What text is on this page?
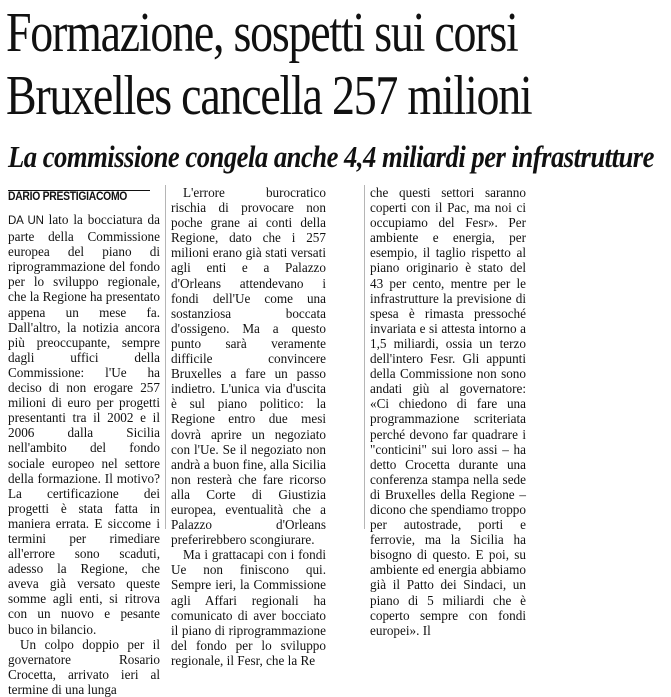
Formazione, sospetti sui corsi
Bruxelles cancella 257 milioni
La commissione congela anche 4,4 miliardi per infrastrutture
DARIO PRESTIGIACOMO

DA UN lato la bocciatura da parte della Commissione europea del piano di riprogrammazione del fondo per lo sviluppo regionale, che la Regione ha presentato appena un mese fa. Dall'altro, la notizia ancora più preoccupante, sempre dagli uffici della Commissione: l'Ue ha deciso di non erogare 257 milioni di euro per progetti presentanti tra il 2002 e il 2006 dalla Sicilia nell'ambito del fondo sociale europeo nel settore della formazione. Il motivo? La certificazione dei progetti è stata fatta in maniera errata. E siccome i termini per rimediare all'errore sono scaduti, adesso la Regione, che aveva già versato queste somme agli enti, si ritrova con un nuovo e pesante buco in bilancio.

Un colpo doppio per il governatore Rosario Crocetta, arrivato ieri al termine di una lunga

L'errore burocratico rischia di provocare non poche grane ai conti della Regione, dato che i 257 milioni erano già stati versati agli enti e a Palazzo d'Orleans attendevano i fondi dell'Ue come una sostanziosa boccata d'ossigeno. Ma a questo punto sarà veramente difficile convincere Bruxelles a fare un passo indietro. L'unica via d'uscita è sul piano politico: la Regione entro due mesi dovrà aprire un negoziato con l'Ue. Se il negoziato non andrà a buon fine, alla Sicilia non resterà che fare ricorso alla Corte di Giustizia europea, eventualità che a Palazzo d'Orleans preferirebbero scongiurare.

Ma i grattacapi con i fondi Ue non finiscono qui. Sempre ieri, la Commissione agli Affari regionali ha comunicato di aver bocciato il piano di riprogrammazione del fondo per lo sviluppo regionale, il Fesr, che la Re

che questi settori saranno coperti con il Pac, ma noi ci occupiamo del Fesr». Per ambiente e energia, per esempio, il taglio rispetto al piano originario è stato del 43 per cento, mentre per le infrastrutture la previsione di spesa è rimasta pressoché invariata e si attesta intorno a 1,5 miliardi, ossia un terzo dell'intero Fesr. Gli appunti della Commissione non sono andati giù al governatore: «Ci chiedono di fare una programmazione scriteriata perché devono far quadrare i "conticini" sui loro assi – ha detto Crocetta durante una conferenza stampa nella sede di Bruxelles della Regione – dicono che spendiamo troppo per autostrade, porti e ferrovie, ma la Sicilia ha bisogno di questo. E poi, su ambiente ed energia abbiamo già il Patto dei Sindaci, un piano di 5 miliardi che è coperto sempre con fondi europei». Il
